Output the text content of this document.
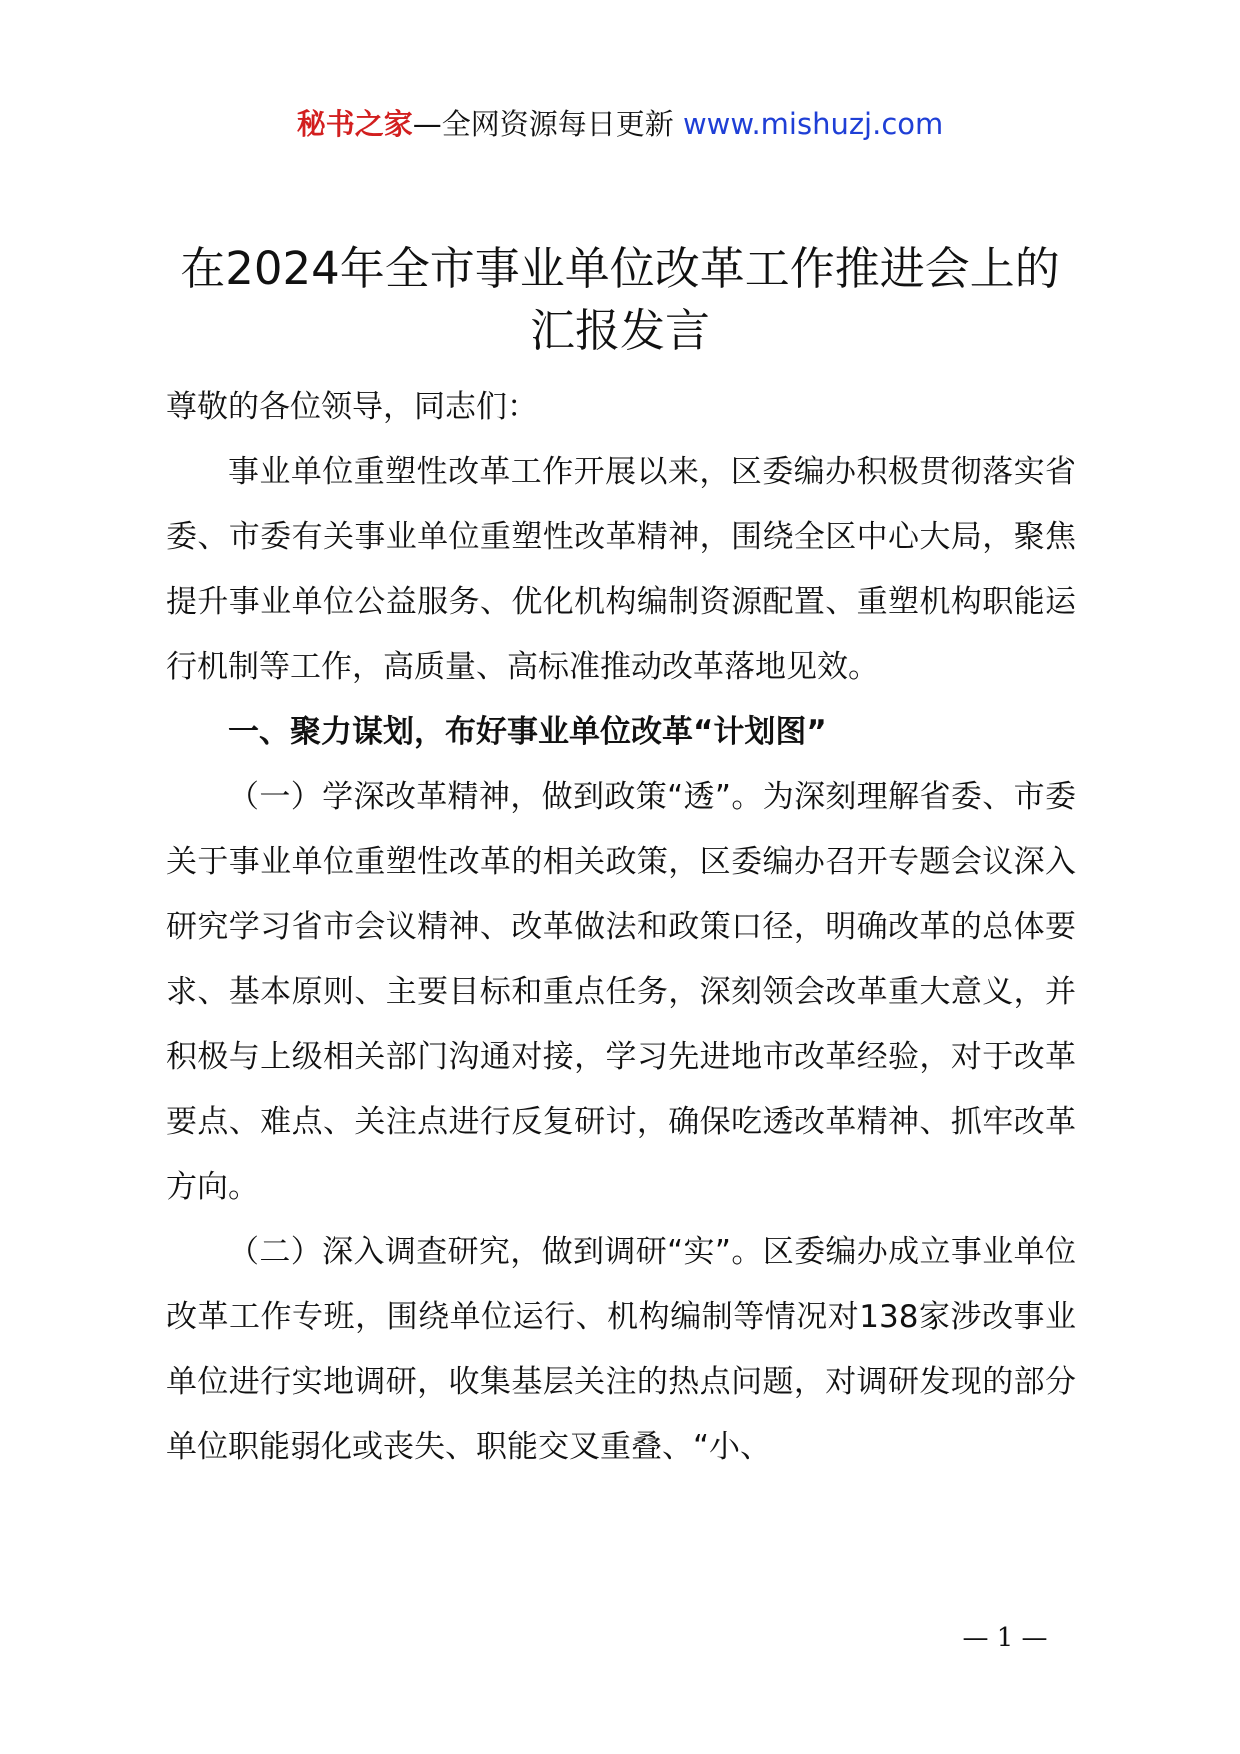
秘书之家—全网资源每日更新 www.mishuzj.com
在2024年全市事业单位改革工作推进会上的
汇报发言

尊敬的各位领导，同志们：

事业单位重塑性改革工作开展以来，区委编办积极贯彻落实省委、市委有关事业单位重塑性改革精神，围绕全区中心大局，聚焦提升事业单位公益服务、优化机构编制资源配置、重塑机构职能运行机制等工作，高质量、高标准推动改革落地见效。

一、聚力谋划，布好事业单位改革“计划图”

（一）学深改革精神，做到政策“透”。为深刻理解省委、市委关于事业单位重塑性改革的相关政策，区委编办召开专题会议深入研究学习省市会议精神、改革做法和政策口径，明确改革的总体要求、基本原则、主要目标和重点任务，深刻领会改革重大意义，并积极与上级相关部门沟通对接，学习先进地市改革经验，对于改革要点、难点、关注点进行反复研讨，确保吃透改革精神、抓牢改革方向。

（二）深入调查研究，做到调研“实”。区委编办成立事业单位改革工作专班，围绕单位运行、机构编制等情况对138家涉改事业单位进行实地调研，收集基层关注的热点问题，对调研发现的部分单位职能弱化或丧失、职能交叉重叠、“小、

— 1 —
